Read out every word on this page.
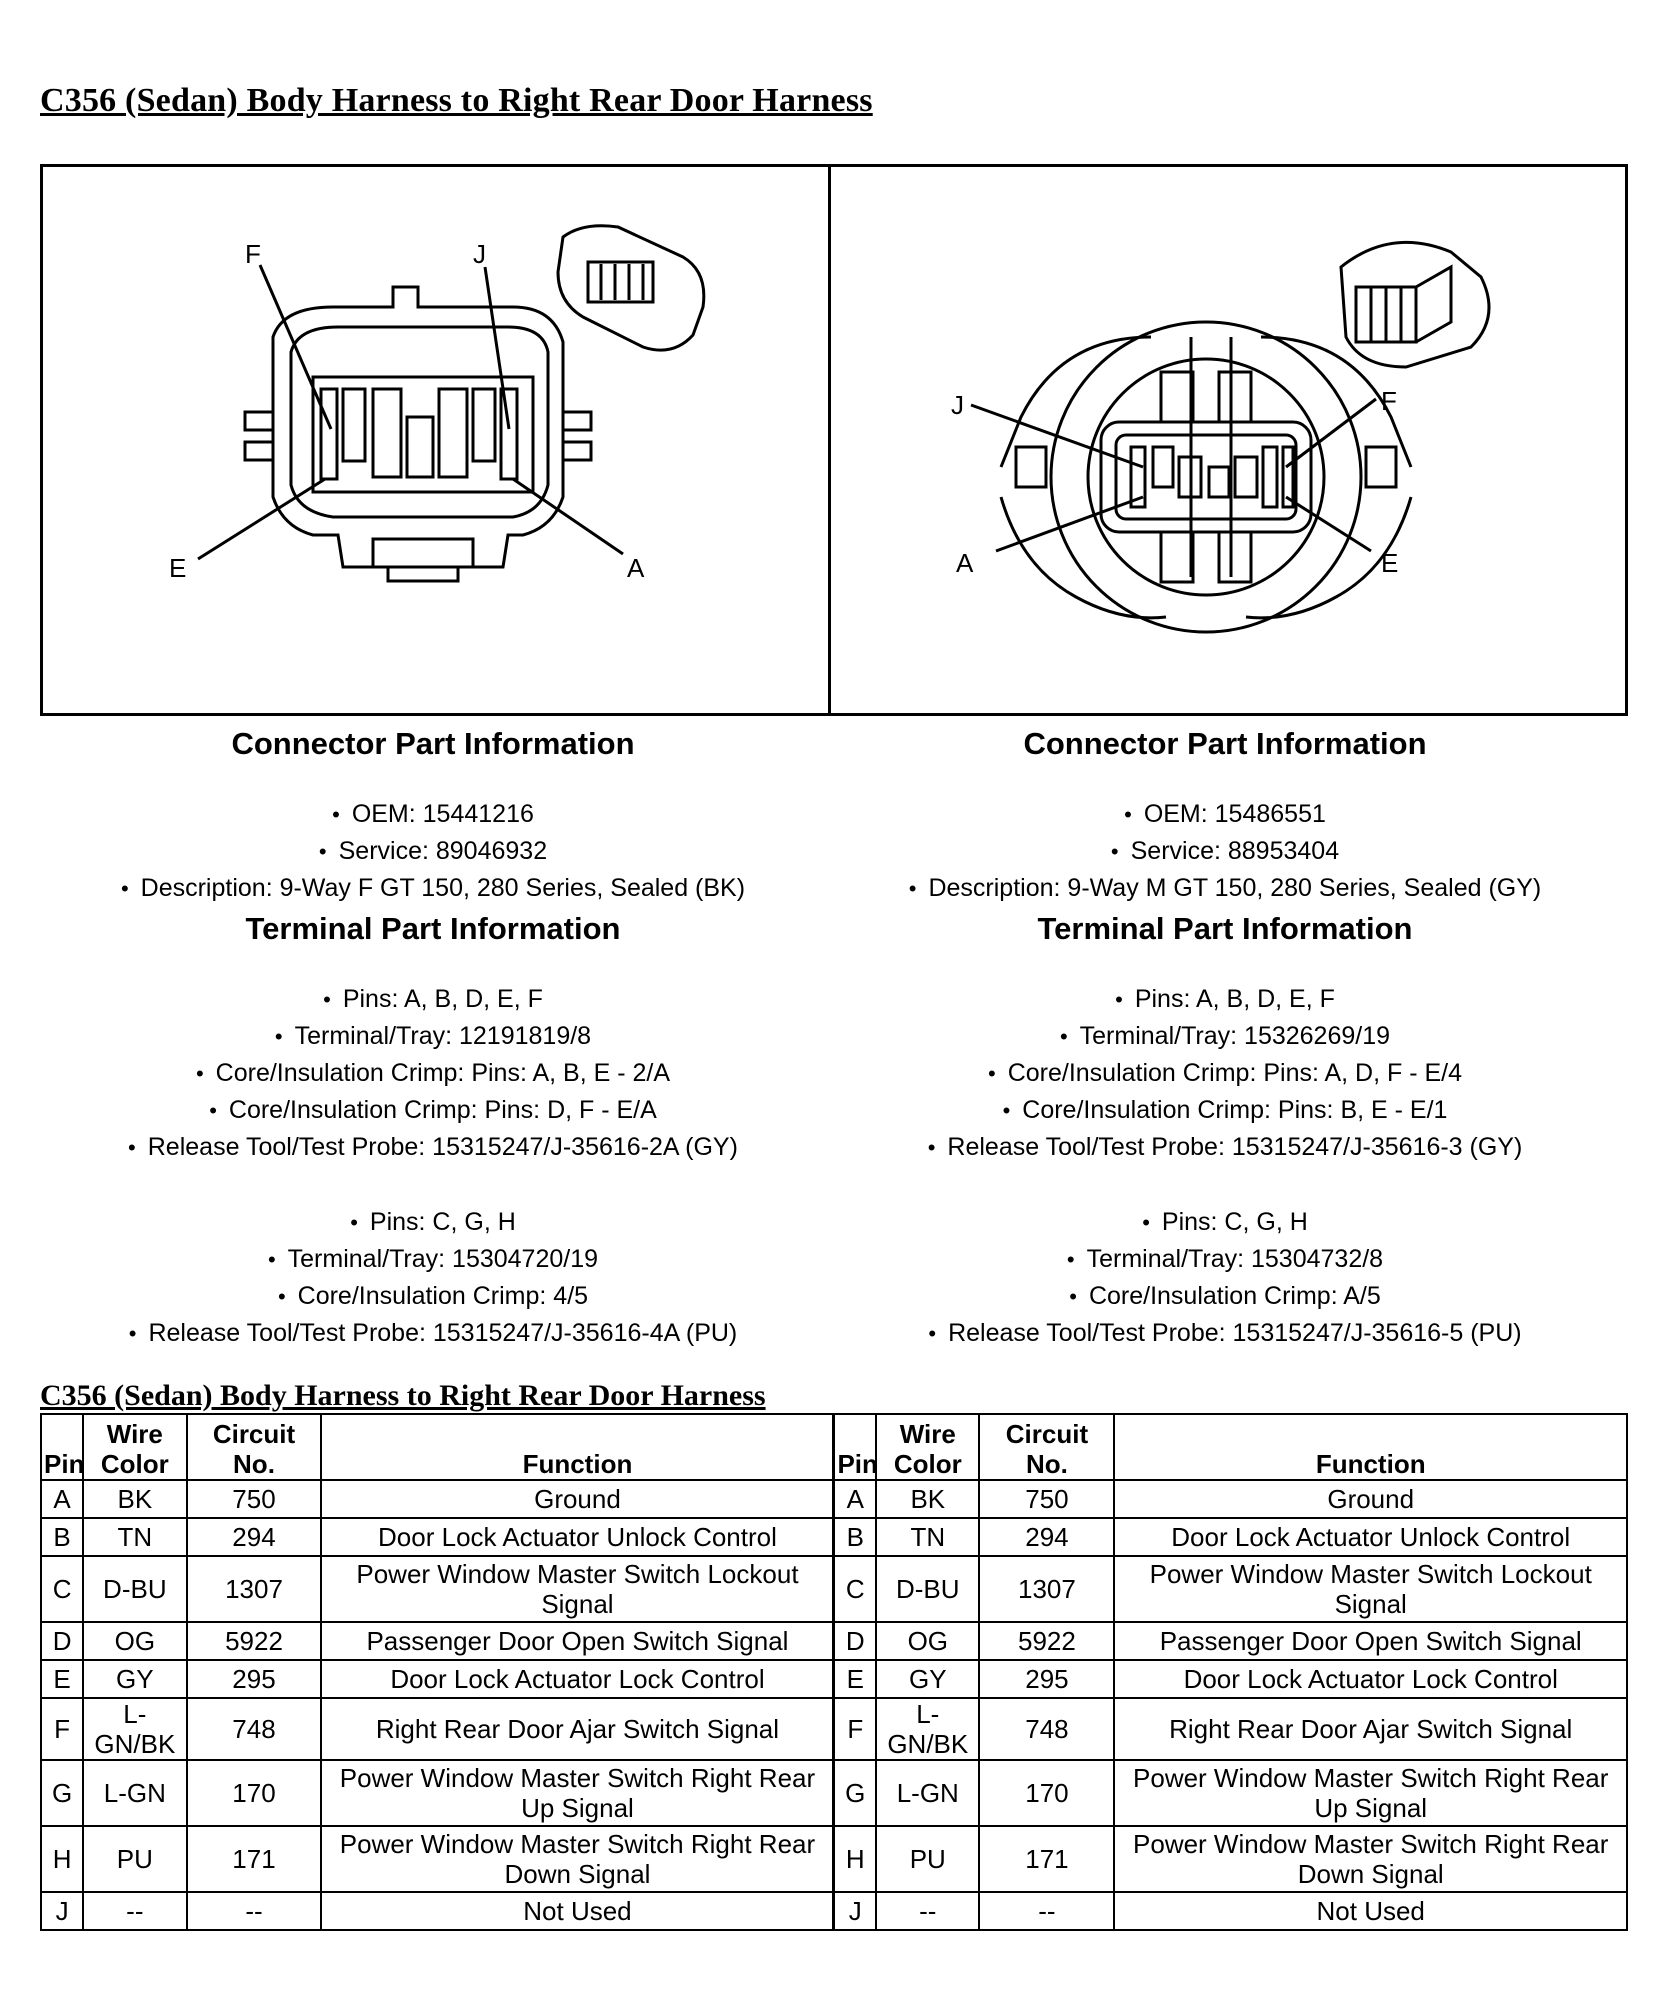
C356 (Sedan) Body Harness to Right Rear Door Harness
F	J
E	A
J	F
A	E
Connector Part Information
• OEM: 15441216
• Service: 89046932
• Description: 9-Way F GT 150, 280 Series, Sealed (BK)
Terminal Part Information
• Pins: A, B, D, E, F
• Terminal/Tray: 12191819/8
• Core/Insulation Crimp: Pins: A, B, E - 2/A
• Core/Insulation Crimp: Pins: D, F - E/A
• Release Tool/Test Probe: 15315247/J-35616-2A (GY)
• Pins: C, G, H
• Terminal/Tray: 15304720/19
• Core/Insulation Crimp: 4/5
• Release Tool/Test Probe: 15315247/J-35616-4A (PU)
Connector Part Information
• OEM: 15486551
• Service: 88953404
• Description: 9-Way M GT 150, 280 Series, Sealed (GY)
Terminal Part Information
• Pins: A, B, D, E, F
• Terminal/Tray: 15326269/19
• Core/Insulation Crimp: Pins: A, D, F - E/4
• Core/Insulation Crimp: Pins: B, E - E/1
• Release Tool/Test Probe: 15315247/J-35616-3 (GY)
• Pins: C, G, H
• Terminal/Tray: 15304732/8
• Core/Insulation Crimp: A/5
• Release Tool/Test Probe: 15315247/J-35616-5 (PU)
C356 (Sedan) Body Harness to Right Rear Door Harness
Pin	Wire Color	Circuit No.	Function	Pin	Wire Color	Circuit No.	Function
A	BK	750	Ground	A	BK	750	Ground
B	TN	294	Door Lock Actuator Unlock Control	B	TN	294	Door Lock Actuator Unlock Control
C	D-BU	1307	Power Window Master Switch Lockout Signal	C	D-BU	1307	Power Window Master Switch Lockout Signal
D	OG	5922	Passenger Door Open Switch Signal	D	OG	5922	Passenger Door Open Switch Signal
E	GY	295	Door Lock Actuator Lock Control	E	GY	295	Door Lock Actuator Lock Control
F	L-GN/BK	748	Right Rear Door Ajar Switch Signal	F	L-GN/BK	748	Right Rear Door Ajar Switch Signal
G	L-GN	170	Power Window Master Switch Right Rear Up Signal	G	L-GN	170	Power Window Master Switch Right Rear Up Signal
H	PU	171	Power Window Master Switch Right Rear Down Signal	H	PU	171	Power Window Master Switch Right Rear Down Signal
J	--	--	Not Used	J	--	--	Not Used
